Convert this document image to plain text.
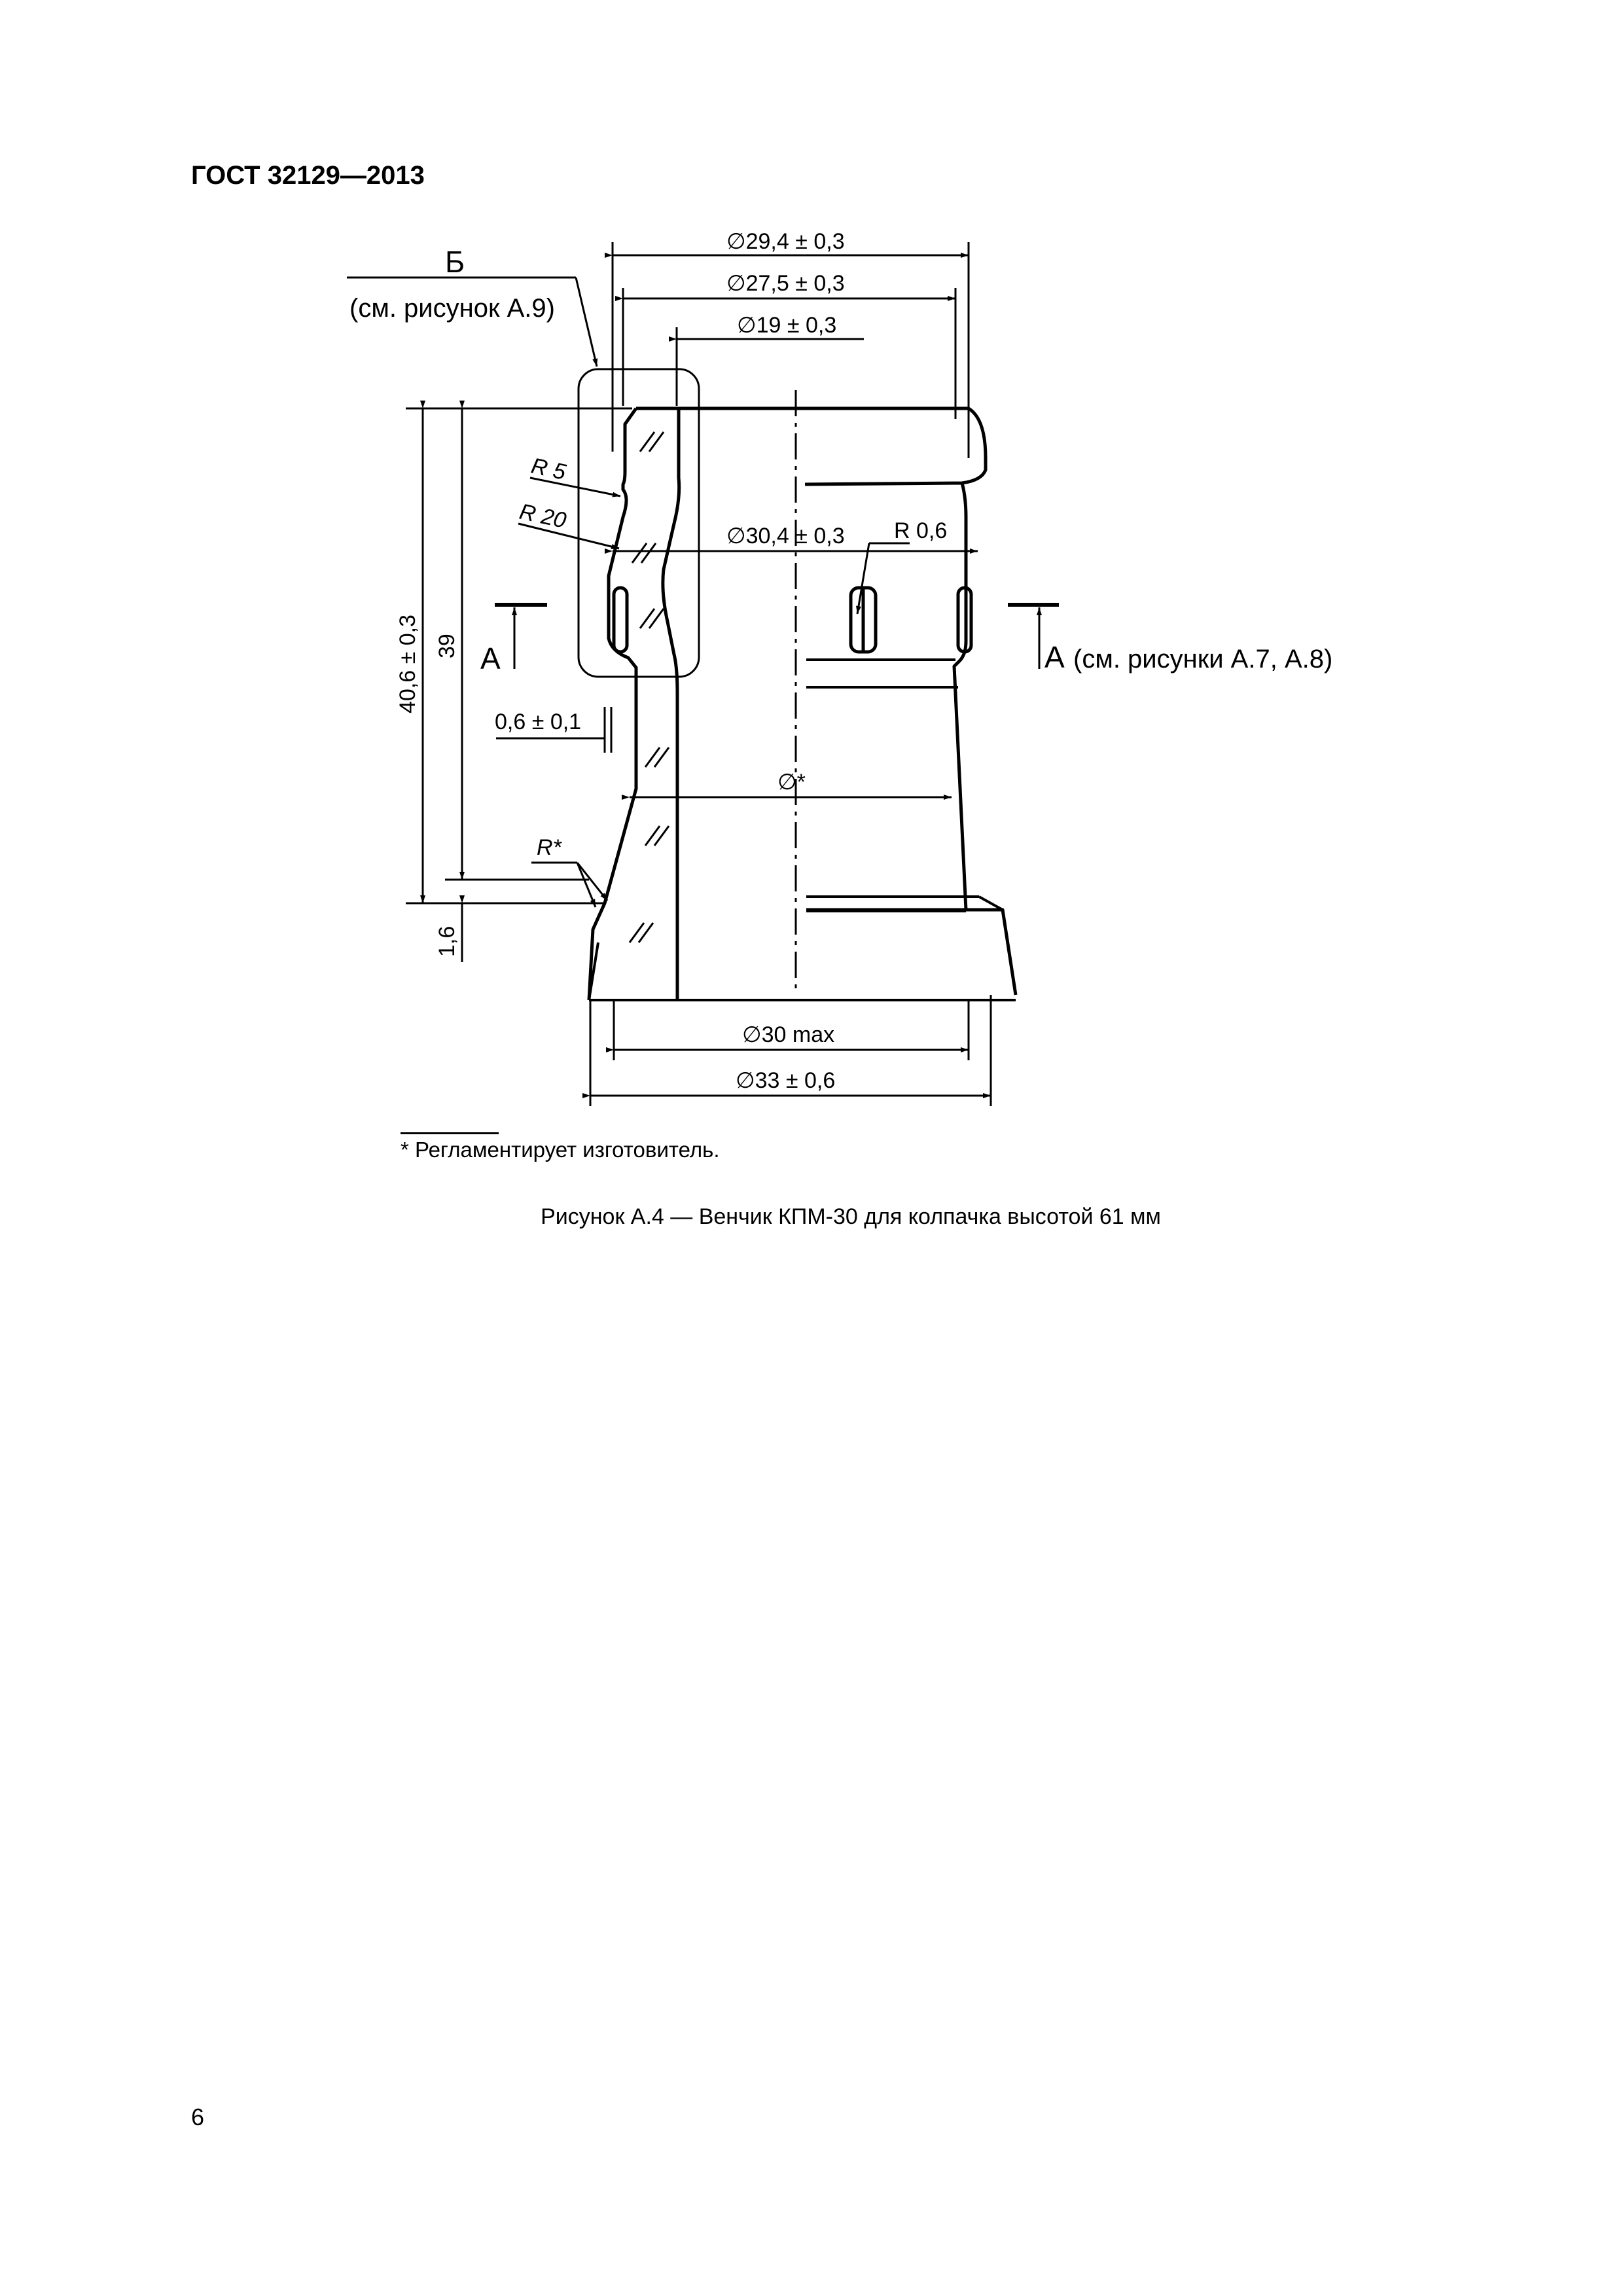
ГОСТ 32129—2013
∅29,4 ± 0,3
∅27,5 ± 0,3
∅19 ± 0,3
∅30,4 ± 0,3
∅*
∅30 max
∅33 ± 0,6
40,6 ± 0,3 39
1,6
0,6 ± 0,1
R 5
R 20	R 0,6
R*
Б
(см. рисунок А.9)
А	А (см. рисунки А.7, А.8)
* Регламентирует изготовитель.
Рисунок А.4 — Венчик КПМ-30 для колпачка высотой 61 мм
6
